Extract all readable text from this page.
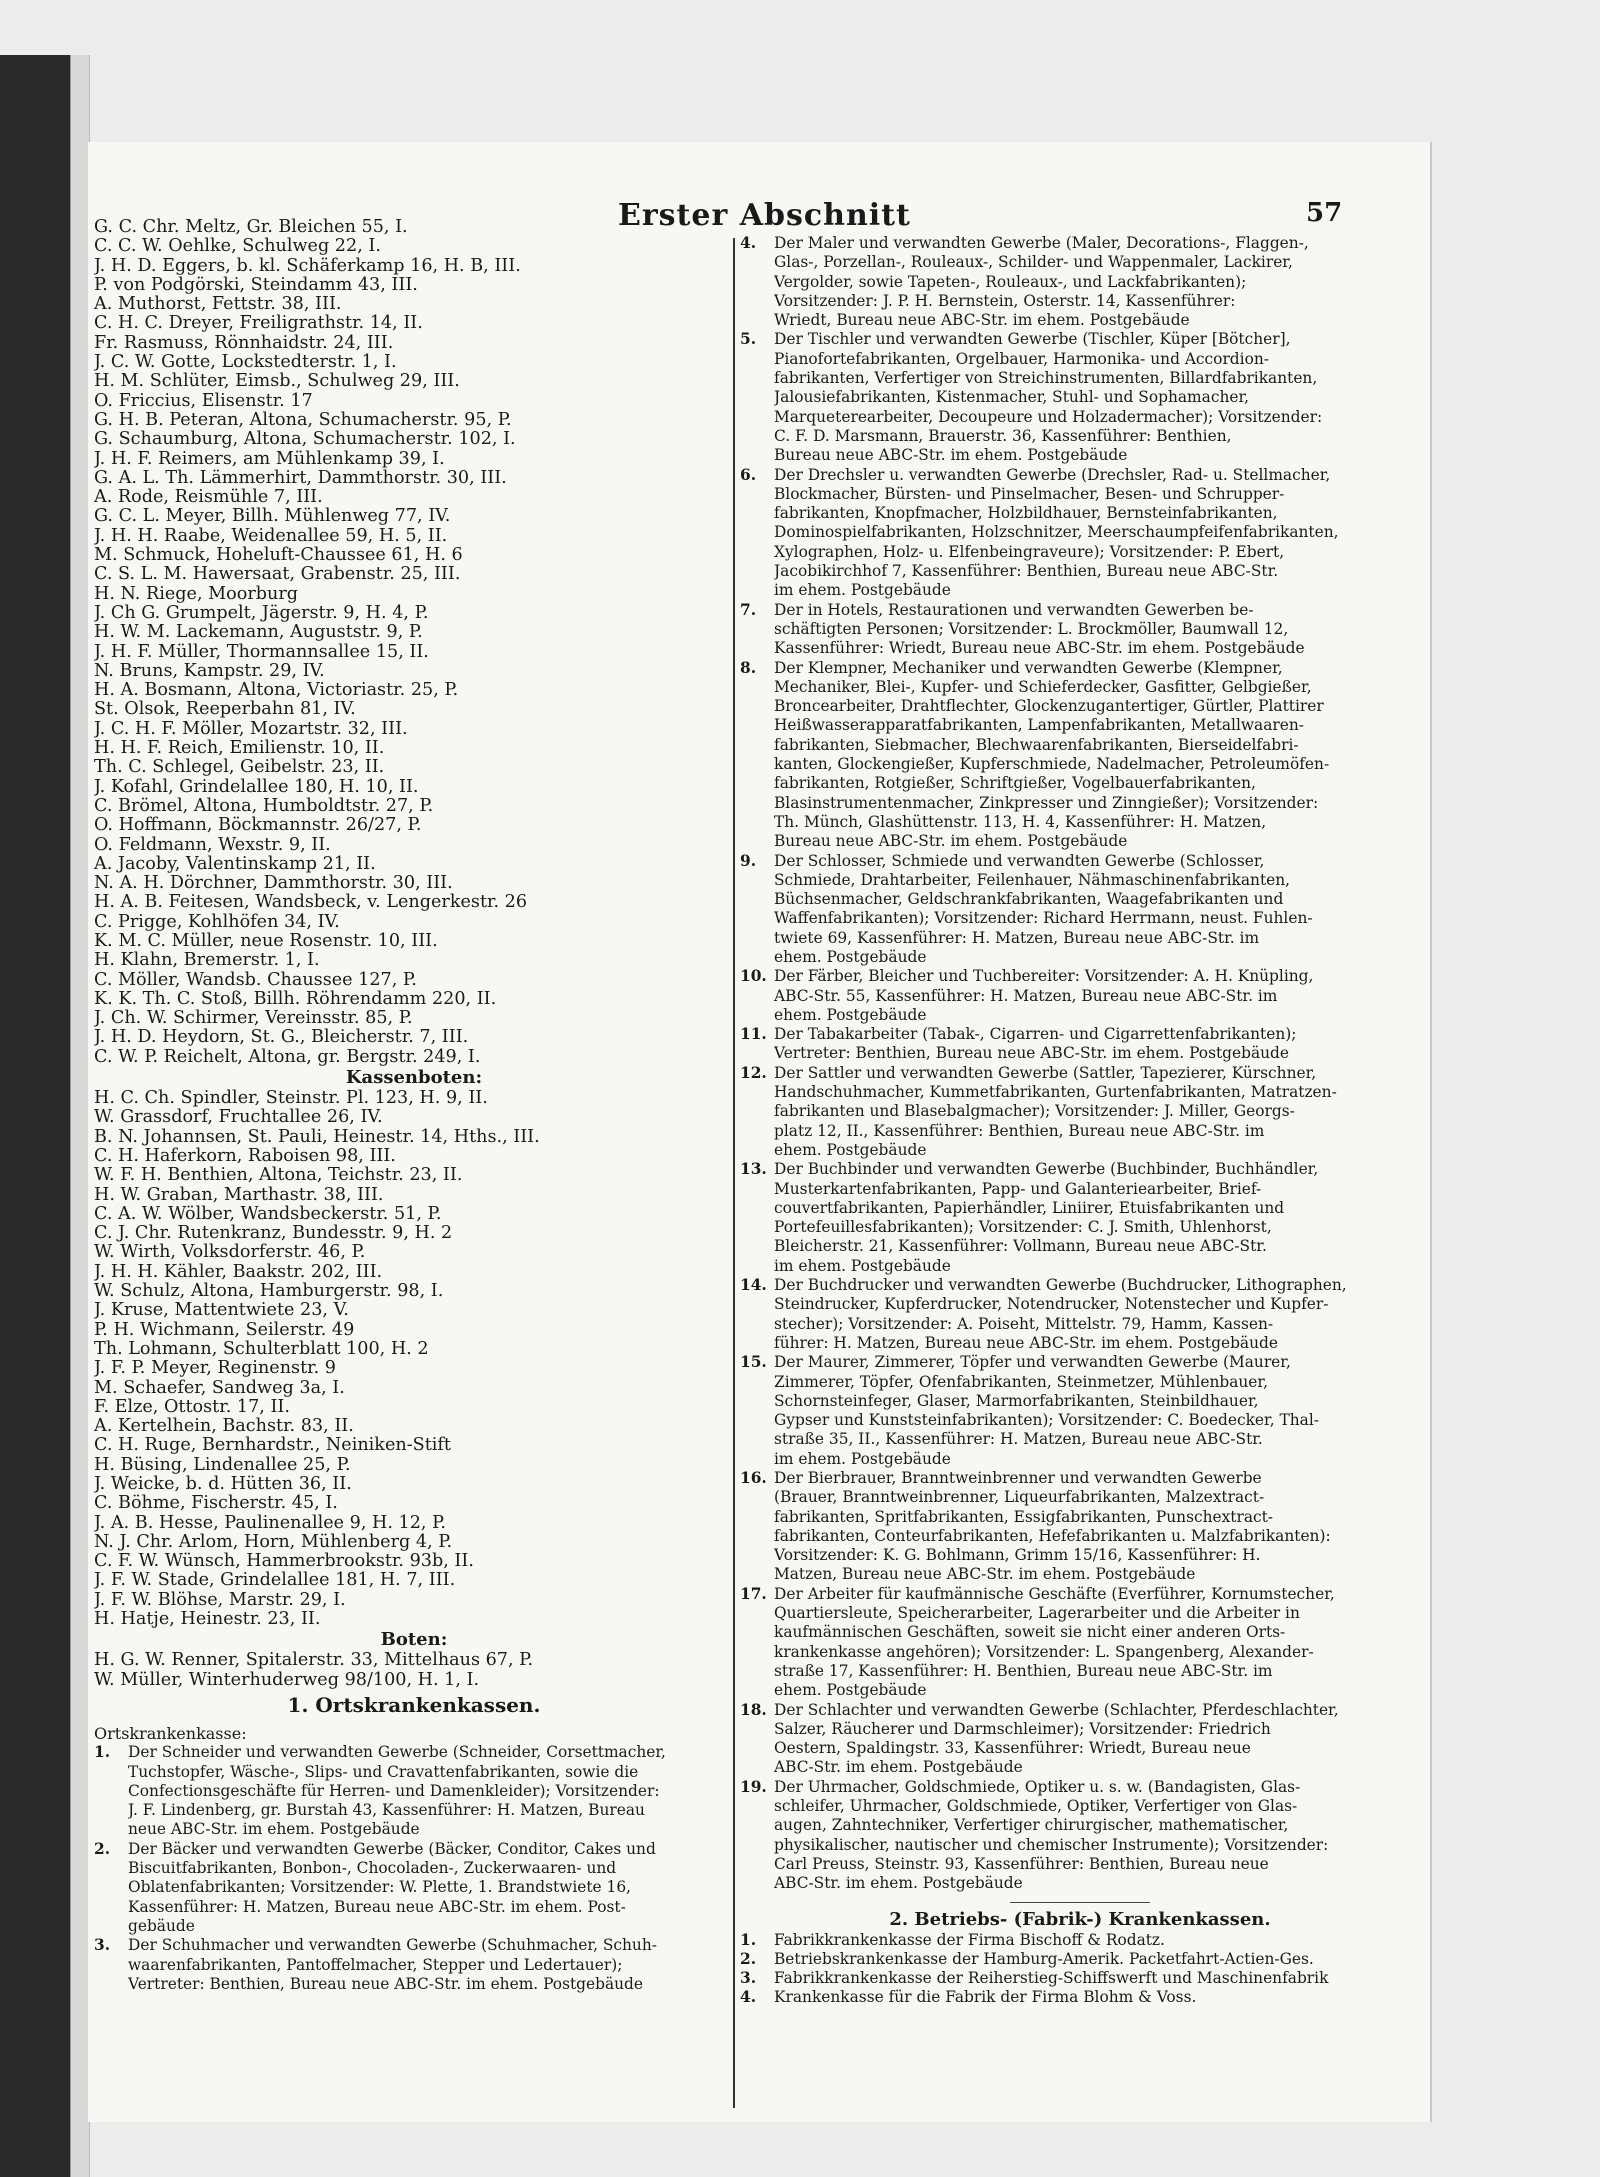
Erster Abschnitt	57
G. C. Chr. Meltz, Gr. Bleichen 55, I.
C. C. W. Oehlke, Schulweg 22, I.
J. H. D. Eggers, b. kl. Schäferkamp 16, H. B, III.
P. von Podgörski, Steindamm 43, III.
A. Muthorst, Fettstr. 38, III.
C. H. C. Dreyer, Freiligrathstr. 14, II.
Fr. Rasmuss, Rönnhaidstr. 24, III.
J. C. W. Gotte, Lockstedterstr. 1, I.
H. M. Schlüter, Eimsb., Schulweg 29, III.
O. Friccius, Elisenstr. 17
G. H. B. Peteran, Altona, Schumacherstr. 95, P.
G. Schaumburg, Altona, Schumacherstr. 102, I.
J. H. F. Reimers, am Mühlenkamp 39, I.
G. A. L. Th. Lämmerhirt, Dammthorstr. 30, III.
A. Rode, Reismühle 7, III.
G. C. L. Meyer, Billh. Mühlenweg 77, IV.
J. H. H. Raabe, Weidenallee 59, H. 5, II.
M. Schmuck, Hoheluft-Chaussee 61, H. 6
C. S. L. M. Hawersaat, Grabenstr. 25, III.
H. N. Riege, Moorburg
J. Ch G. Grumpelt, Jägerstr. 9, H. 4, P.
H. W. M. Lackemann, Auguststr. 9, P.
J. H. F. Müller, Thormannsallee 15, II.
N. Bruns, Kampstr. 29, IV.
H. A. Bosmann, Altona, Victoriastr. 25, P.
St. Olsok, Reeperbahn 81, IV.
J. C. H. F. Möller, Mozartstr. 32, III.
H. H. F. Reich, Emilienstr. 10, II.
Th. C. Schlegel, Geibelstr. 23, II.
J. Kofahl, Grindelallee 180, H. 10, II.
C. Brömel, Altona, Humboldtstr. 27, P.
O. Hoffmann, Böckmannstr. 26/27, P.
O. Feldmann, Wexstr. 9, II.
A. Jacoby, Valentinskamp 21, II.
N. A. H. Dörchner, Dammthorstr. 30, III.
H. A. B. Feitesen, Wandsbeck, v. Lengerkestr. 26
C. Prigge, Kohlhöfen 34, IV.
K. M. C. Müller, neue Rosenstr. 10, III.
H. Klahn, Bremerstr. 1, I.
C. Möller, Wandsb. Chaussee 127, P.
K. K. Th. C. Stoß, Billh. Röhrendamm 220, II.
J. Ch. W. Schirmer, Vereinsstr. 85, P.
J. H. D. Heydorn, St. G., Bleicherstr. 7, III.
C. W. P. Reichelt, Altona, gr. Bergstr. 249, I.
Kassenboten:
H. C. Ch. Spindler, Steinstr. Pl. 123, H. 9, II.
W. Grassdorf, Fruchtallee 26, IV.
B. N. Johannsen, St. Pauli, Heinestr. 14, Hths., III.
C. H. Haferkorn, Raboisen 98, III.
W. F. H. Benthien, Altona, Teichstr. 23, II.
H. W. Graban, Marthastr. 38, III.
C. A. W. Wölber, Wandsbeckerstr. 51, P.
C. J. Chr. Rutenkranz, Bundesstr. 9, H. 2
W. Wirth, Volksdorferstr. 46, P.
J. H. H. Kähler, Baakstr. 202, III.
W. Schulz, Altona, Hamburgerstr. 98, I.
J. Kruse, Mattentwiete 23, V.
P. H. Wichmann, Seilerstr. 49
Th. Lohmann, Schulterblatt 100, H. 2
J. F. P. Meyer, Reginenstr. 9
M. Schaefer, Sandweg 3a, I.
F. Elze, Ottostr. 17, II.
A. Kertelhein, Bachstr. 83, II.
C. H. Ruge, Bernhardstr., Neiniken-Stift
H. Büsing, Lindenallee 25, P.
J. Weicke, b. d. Hütten 36, II.
C. Böhme, Fischerstr. 45, I.
J. A. B. Hesse, Paulinenallee 9, H. 12, P.
N. J. Chr. Arlom, Horn, Mühlenberg 4, P.
C. F. W. Wünsch, Hammerbrookstr. 93b, II.
J. F. W. Stade, Grindelallee 181, H. 7, III.
J. F. W. Blöhse, Marstr. 29, I.
H. Hatje, Heinestr. 23, II.
Boten:
H. G. W. Renner, Spitalerstr. 33, Mittelhaus 67, P.
W. Müller, Winterhuderweg 98/100, H. 1, I.
1. Ortskrankenkassen.
Ortskrankenkasse:
1.	Der Schneider und verwandten Gewerbe (Schneider, Corsettmacher,
Tuchstopfer, Wäsche-, Slips- und Cravattenfabrikanten, sowie die
Confectionsgeschäfte für Herren- und Damenkleider); Vorsitzender:
J. F. Lindenberg, gr. Burstah 43, Kassenführer: H. Matzen, Bureau
neue ABC-Str. im ehem. Postgebäude
2.	Der Bäcker und verwandten Gewerbe (Bäcker, Conditor, Cakes und
Biscuitfabrikanten, Bonbon-, Chocoladen-, Zuckerwaaren- und
Oblatenfabrikanten; Vorsitzender: W. Plette, 1. Brandstwiete 16,
Kassenführer: H. Matzen, Bureau neue ABC-Str. im ehem. Post-
gebäude
3.	Der Schuhmacher und verwandten Gewerbe (Schuhmacher, Schuh-
waarenfabrikanten, Pantoffelmacher, Stepper und Ledertauer);
Vertreter: Benthien, Bureau neue ABC-Str. im ehem. Postgebäude
4.	Der Maler und verwandten Gewerbe (Maler, Decorations-, Flaggen-,
Glas-, Porzellan-, Rouleaux-, Schilder- und Wappenmaler, Lackirer,
Vergolder, sowie Tapeten-, Rouleaux-, und Lackfabrikanten);
Vorsitzender: J. P. H. Bernstein, Osterstr. 14, Kassenführer:
Wriedt, Bureau neue ABC-Str. im ehem. Postgebäude
5.	Der Tischler und verwandten Gewerbe (Tischler, Küper [Bötcher],
Pianofortefabrikanten, Orgelbauer, Harmonika- und Accordion-
fabrikanten, Verfertiger von Streichinstrumenten, Billardfabrikanten,
Jalousiefabrikanten, Kistenmacher, Stuhl- und Sophamacher,
Marqueterearbeiter, Decoupeure und Holzadermacher); Vorsitzender:
C. F. D. Marsmann, Brauerstr. 36, Kassenführer: Benthien,
Bureau neue ABC-Str. im ehem. Postgebäude
6.	Der Drechsler u. verwandten Gewerbe (Drechsler, Rad- u. Stellmacher,
Blockmacher, Bürsten- und Pinselmacher, Besen- und Schrupper-
fabrikanten, Knopfmacher, Holzbildhauer, Bernsteinfabrikanten,
Dominospielfabrikanten, Holzschnitzer, Meerschaumpfeifenfabrikanten,
Xylographen, Holz- u. Elfenbeingraveure); Vorsitzender: P. Ebert,
Jacobikirchhof 7, Kassenführer: Benthien, Bureau neue ABC-Str.
im ehem. Postgebäude
7.	Der in Hotels, Restaurationen und verwandten Gewerben be-
schäftigten Personen; Vorsitzender: L. Brockmöller, Baumwall 12,
Kassenführer: Wriedt, Bureau neue ABC-Str. im ehem. Postgebäude
8.	Der Klempner, Mechaniker und verwandten Gewerbe (Klempner,
Mechaniker, Blei-, Kupfer- und Schieferdecker, Gasfitter, Gelbgießer,
Broncearbeiter, Drahtflechter, Glockenzugantertiger, Gürtler, Plattirer
Heißwasserapparatfabrikanten, Lampenfabrikanten, Metallwaaren-
fabrikanten, Siebmacher, Blechwaarenfabrikanten, Bierseidelfabri-
kanten, Glockengießer, Kupferschmiede, Nadelmacher, Petroleumöfen-
fabrikanten, Rotgießer, Schriftgießer, Vogelbauerfabrikanten,
Blasinstrumentenmacher, Zinkpresser und Zinngießer); Vorsitzender:
Th. Münch, Glashüttenstr. 113, H. 4, Kassenführer: H. Matzen,
Bureau neue ABC-Str. im ehem. Postgebäude
9.	Der Schlosser, Schmiede und verwandten Gewerbe (Schlosser,
Schmiede, Drahtarbeiter, Feilenhauer, Nähmaschinenfabrikanten,
Büchsenmacher, Geldschrankfabrikanten, Waagefabrikanten und
Waffenfabrikanten); Vorsitzender: Richard Herrmann, neust. Fuhlen-
twiete 69, Kassenführer: H. Matzen, Bureau neue ABC-Str. im
ehem. Postgebäude
10. Der Färber, Bleicher und Tuchbereiter: Vorsitzender: A. H. Knüpling,
ABC-Str. 55, Kassenführer: H. Matzen, Bureau neue ABC-Str. im
ehem. Postgebäude
11. Der Tabakarbeiter (Tabak-, Cigarren- und Cigarrettenfabrikanten);
Vertreter: Benthien, Bureau neue ABC-Str. im ehem. Postgebäude
12. Der Sattler und verwandten Gewerbe (Sattler, Tapezierer, Kürschner,
Handschuhmacher, Kummetfabrikanten, Gurtenfabrikanten, Matratzen-
fabrikanten und Blasebalgmacher); Vorsitzender: J. Miller, Georgs-
platz 12, II., Kassenführer: Benthien, Bureau neue ABC-Str. im
ehem. Postgebäude
13. Der Buchbinder und verwandten Gewerbe (Buchbinder, Buchhändler,
Musterkartenfabrikanten, Papp- und Galanteriearbeiter, Brief-
couvertfabrikanten, Papierhändler, Liniirer, Etuisfabrikanten und
Portefeuillesfabrikanten); Vorsitzender: C. J. Smith, Uhlenhorst,
Bleicherstr. 21, Kassenführer: Vollmann, Bureau neue ABC-Str.
im ehem. Postgebäude
14. Der Buchdrucker und verwandten Gewerbe (Buchdrucker, Lithographen,
Steindrucker, Kupferdrucker, Notendrucker, Notenstecher und Kupfer-
stecher); Vorsitzender: A. Poiseht, Mittelstr. 79, Hamm, Kassen-
führer: H. Matzen, Bureau neue ABC-Str. im ehem. Postgebäude
15. Der Maurer, Zimmerer, Töpfer und verwandten Gewerbe (Maurer,
Zimmerer, Töpfer, Ofenfabrikanten, Steinmetzer, Mühlenbauer,
Schornsteinfeger, Glaser, Marmorfabrikanten, Steinbildhauer,
Gypser und Kunststeinfabrikanten); Vorsitzender: C. Boedecker, Thal-
straße 35, II., Kassenführer: H. Matzen, Bureau neue ABC-Str.
im ehem. Postgebäude
16. Der Bierbrauer, Branntweinbrenner und verwandten Gewerbe
(Brauer, Branntweinbrenner, Liqueurfabrikanten, Malzextract-
fabrikanten, Spritfabrikanten, Essigfabrikanten, Punschextract-
fabrikanten, Conteurfabrikanten, Hefefabrikanten u. Malzfabrikanten):
Vorsitzender: K. G. Bohlmann, Grimm 15/16, Kassenführer: H.
Matzen, Bureau neue ABC-Str. im ehem. Postgebäude
17. Der Arbeiter für kaufmännische Geschäfte (Everführer, Kornumstecher,
Quartiersleute, Speicherarbeiter, Lagerarbeiter und die Arbeiter in
kaufmännischen Geschäften, soweit sie nicht einer anderen Orts-
krankenkasse angehören); Vorsitzender: L. Spangenberg, Alexander-
straße 17, Kassenführer: H. Benthien, Bureau neue ABC-Str. im
ehem. Postgebäude
18. Der Schlachter und verwandten Gewerbe (Schlachter, Pferdeschlachter,
Salzer, Räucherer und Darmschleimer); Vorsitzender: Friedrich
Oestern, Spaldingstr. 33, Kassenführer: Wriedt, Bureau neue
ABC-Str. im ehem. Postgebäude
19. Der Uhrmacher, Goldschmiede, Optiker u. s. w. (Bandagisten, Glas-
schleifer, Uhrmacher, Goldschmiede, Optiker, Verfertiger von Glas-
augen, Zahntechniker, Verfertiger chirurgischer, mathematischer,
physikalischer, nautischer und chemischer Instrumente); Vorsitzender:
Carl Preuss, Steinstr. 93, Kassenführer: Benthien, Bureau neue
ABC-Str. im ehem. Postgebäude
2. Betriebs- (Fabrik-) Krankenkassen.
1.	Fabrikkrankenkasse der Firma Bischoff & Rodatz.
2.	Betriebskrankenkasse der Hamburg-Amerik. Packetfahrt-Actien-Ges.
3.	Fabrikkrankenkasse der Reiherstieg-Schiffswerft und Maschinenfabrik
4.	Krankenkasse für die Fabrik der Firma Blohm & Voss.
